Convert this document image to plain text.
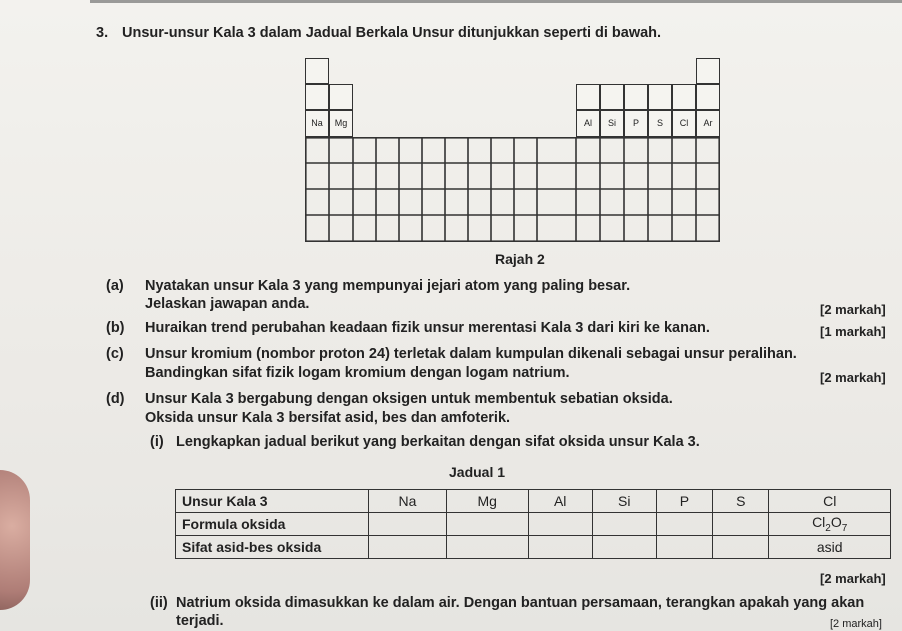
3. Unsur-unsur Kala 3 dalam Jadual Berkala Unsur ditunjukkan seperti di bawah.
Na	Mg	Al	Si	P	S	Cl	Ar
Rajah 2
(a) Nyatakan unsur Kala 3 yang mempunyai jejari atom yang paling besar.
Jelaskan jawapan anda.	[2 markah]
(b) Huraikan trend perubahan keadaan fizik unsur merentasi Kala 3 dari kiri ke kanan.	[1 markah]
(c) Unsur kromium (nombor proton 24) terletak dalam kumpulan dikenali sebagai unsur peralihan.
Bandingkan sifat fizik logam kromium dengan logam natrium.	[2 markah]
(d) Unsur Kala 3 bergabung dengan oksigen untuk membentuk sebatian oksida.
Oksida unsur Kala 3 bersifat asid, bes dan amfoterik.
(i) Lengkapkan jadual berikut yang berkaitan dengan sifat oksida unsur Kala 3.
Jadual 1
Unsur Kala 3	Na	Mg	Al	Si	P	S	Cl
Formula oksida							$Cl_2O_7$
Sifat asid-bes oksida							asid
[2 markah]
(ii) Natrium oksida dimasukkan ke dalam air. Dengan bantuan persamaan, terangkan apakah yang akan
terjadi.	[2 markah]
